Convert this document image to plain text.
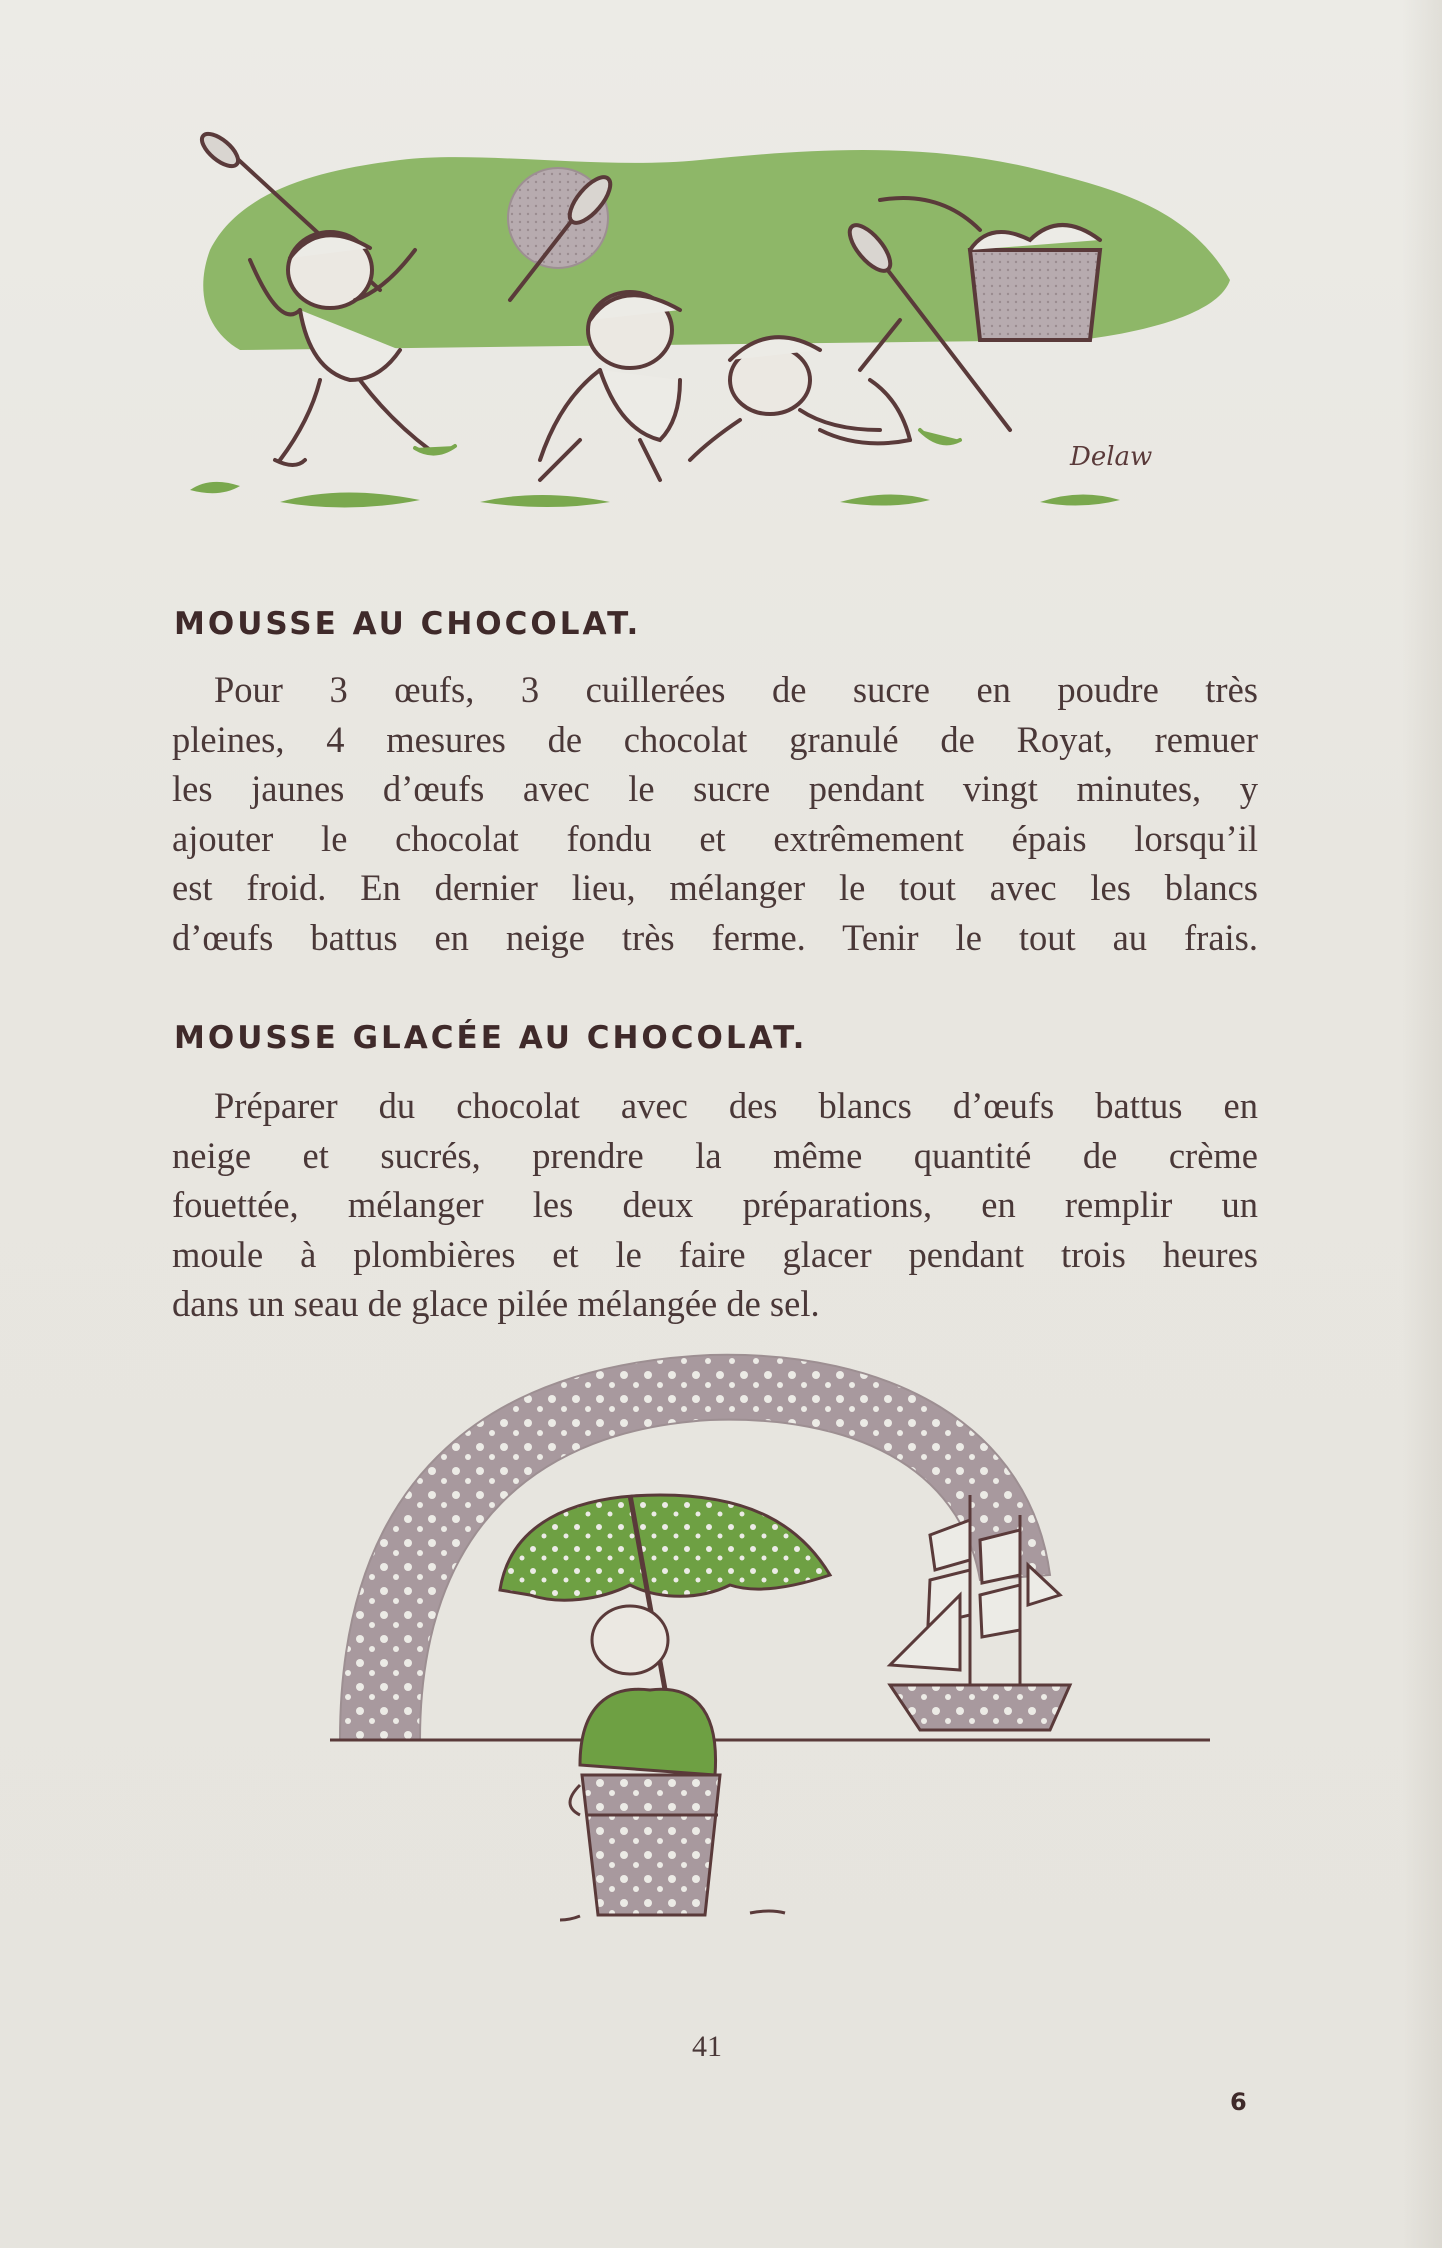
Delaw
MOUSSE AU CHOCOLAT.

Pour 3 œufs, 3 cuillerées de sucre en poudre très
pleines, 4 mesures de chocolat granulé de Royat, remuer
les jaunes d’œufs avec le sucre pendant vingt minutes, y
ajouter le chocolat fondu et extrêmement épais lorsqu’il
est froid. En dernier lieu, mélanger le tout avec les blancs
d’œufs battus en neige très ferme. Tenir le tout au frais.

MOUSSE GLACÉE AU CHOCOLAT.

Préparer du chocolat avec des blancs d’œufs battus en
neige et sucrés, prendre la même quantité de crème
fouettée, mélanger les deux préparations, en remplir un
moule à plombières et le faire glacer pendant trois heures
dans un seau de glace pilée mélangée de sel.

41

6
